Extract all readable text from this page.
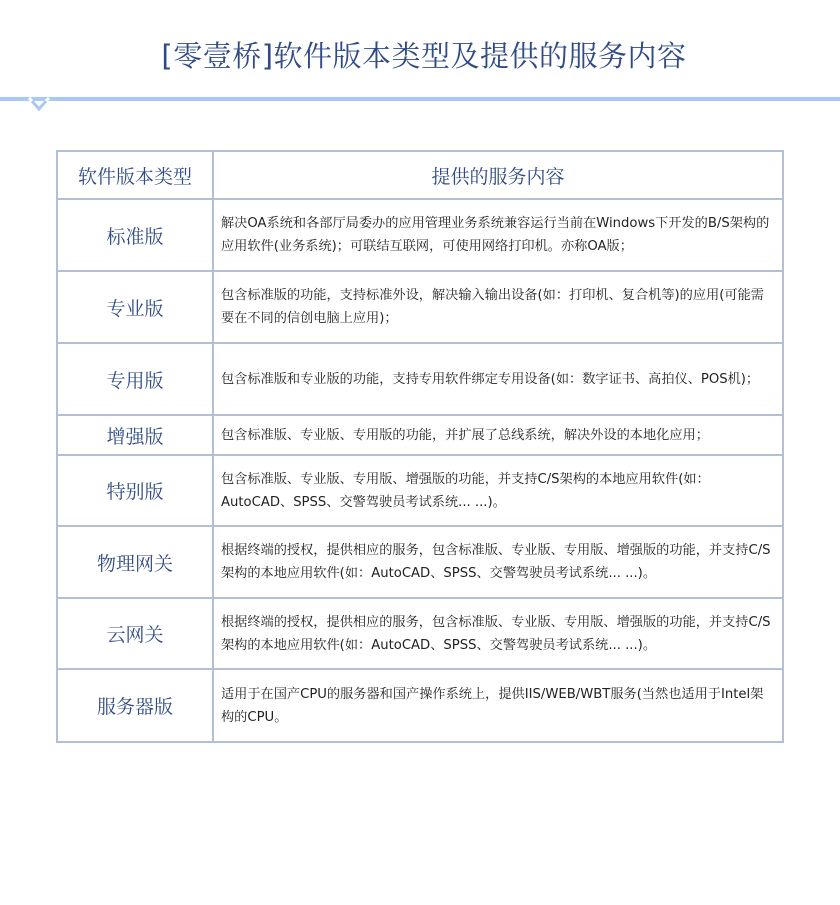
[零壹桥]软件版本类型及提供的服务内容
软件版本类型	提供的服务内容
标准版	解决OA系统和各部厅局委办的应用管理业务系统兼容运行当前在Windows下开发的B/S架构的应用软件(业务系统)；可联结互联网，可使用网络打印机。亦称OA版；
专业版	包含标准版的功能，支持标准外设，解决输入输出设备(如：打印机、复合机等)的应用(可能需要在不同的信创电脑上应用)；
专用版	包含标准版和专业版的功能，支持专用软件绑定专用设备(如：数字证书、高拍仪、POS机)；
增强版	包含标准版、专业版、专用版的功能，并扩展了总线系统，解决外设的本地化应用；
特别版	包含标准版、专业版、专用版、增强版的功能，并支持C/S架构的本地应用软件(如：AutoCAD、SPSS、交警驾驶员考试系统... ...)。
物理网关	根据终端的授权，提供相应的服务，包含标准版、专业版、专用版、增强版的功能，并支持C/S架构的本地应用软件(如：AutoCAD、SPSS、交警驾驶员考试系统... ...)。
云网关	根据终端的授权，提供相应的服务，包含标准版、专业版、专用版、增强版的功能，并支持C/S架构的本地应用软件(如：AutoCAD、SPSS、交警驾驶员考试系统... ...)。
服务器版	适用于在国产CPU的服务器和国产操作系统上，提供IIS/WEB/WBT服务(当然也适用于Intel架构的CPU。
